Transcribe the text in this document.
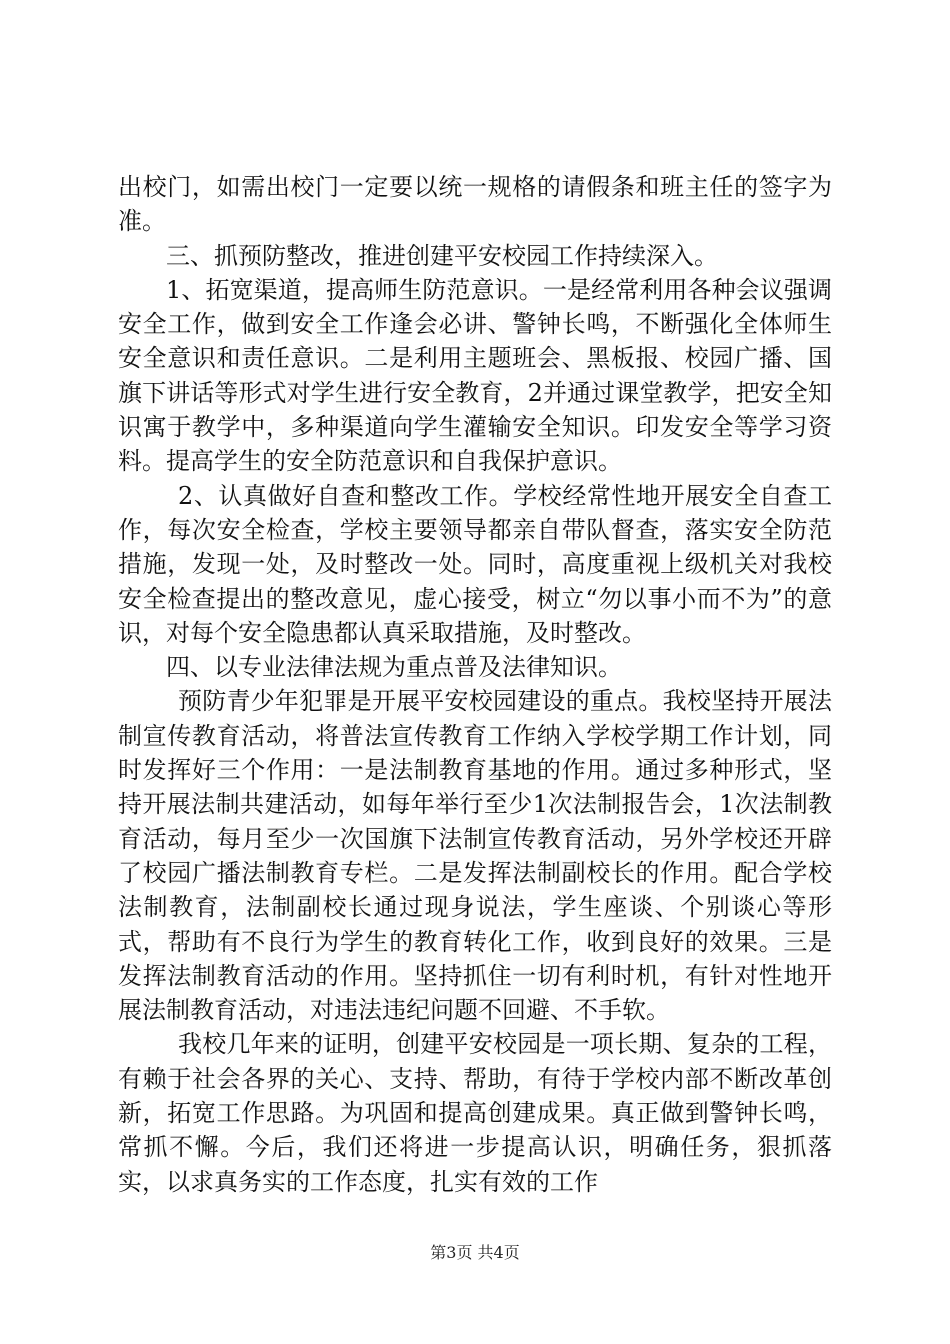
出校门，如需出校门一定要以统一规格的请假条和班主任的签字为准。

三、抓预防整改，推进创建平安校园工作持续深入。

1、拓宽渠道，提高师生防范意识。一是经常利用各种会议强调安全工作，做到安全工作逢会必讲、警钟长鸣，不断强化全体师生安全意识和责任意识。二是利用主题班会、黑板报、校园广播、国旗下讲话等形式对学生进行安全教育，2并通过课堂教学，把安全知识寓于教学中，多种渠道向学生灌输安全知识。印发安全等学习资料。提高学生的安全防范意识和自我保护意识。

2、认真做好自查和整改工作。学校经常性地开展安全自查工作，每次安全检查，学校主要领导都亲自带队督查，落实安全防范措施，发现一处，及时整改一处。同时，高度重视上级机关对我校安全检查提出的整改意见，虚心接受，树立“勿以事小而不为”的意识，对每个安全隐患都认真采取措施，及时整改。

四、以专业法律法规为重点普及法律知识。

预防青少年犯罪是开展平安校园建设的重点。我校坚持开展法制宣传教育活动，将普法宣传教育工作纳入学校学期工作计划，同时发挥好三个作用：一是法制教育基地的作用。通过多种形式，坚持开展法制共建活动，如每年举行至少1次法制报告会，1次法制教育活动，每月至少一次国旗下法制宣传教育活动，另外学校还开辟了校园广播法制教育专栏。二是发挥法制副校长的作用。配合学校法制教育，法制副校长通过现身说法，学生座谈、个别谈心等形式，帮助有不良行为学生的教育转化工作，收到良好的效果。三是发挥法制教育活动的作用。坚持抓住一切有利时机，有针对性地开展法制教育活动，对违法违纪问题不回避、不手软。

我校几年来的证明，创建平安校园是一项长期、复杂的工程，有赖于社会各界的关心、支持、帮助，有待于学校内部不断改革创新，拓宽工作思路。为巩固和提高创建成果。真正做到警钟长鸣，常抓不懈。今后，我们还将进一步提高认识，明确任务，狠抓落实，以求真务实的工作态度，扎实有效的工作

第3页 共4页
